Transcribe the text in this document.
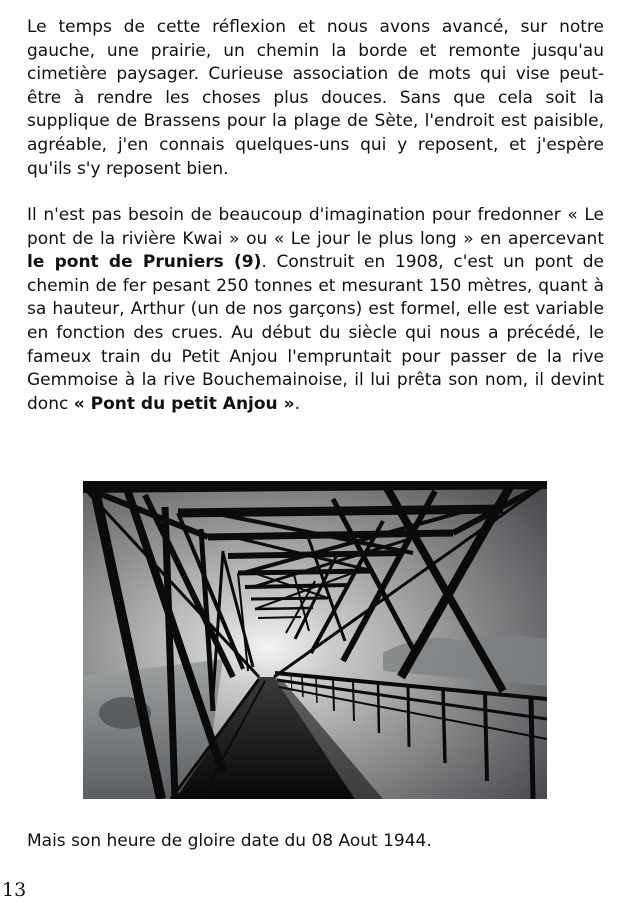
Le temps de cette réflexion et nous avons avancé, sur notre gauche, une prairie, un chemin la borde et remonte jusqu'au cimetière paysager. Curieuse association de mots qui vise peut-être à rendre les choses plus douces. Sans que cela soit la supplique de Brassens pour la plage de Sète, l'endroit est paisible, agréable, j'en connais quelques-uns qui y reposent, et j'espère qu'ils s'y reposent bien.

Il n'est pas besoin de beaucoup d'imagination pour fredonner « Le pont de la rivière Kwai » ou « Le jour le plus long » en apercevant le pont de Pruniers (9). Construit en 1908, c'est un pont de chemin de fer pesant 250 tonnes et mesurant 150 mètres, quant à sa hauteur, Arthur (un de nos garçons) est formel, elle est variable en fonction des crues. Au début du siècle qui nous a précédé, le fameux train du Petit Anjou l'empruntait pour passer de la rive Gemmoise à la rive Bouchemainoise, il lui prêta son nom, il devint donc « Pont du petit Anjou ».

Mais son heure de gloire date du 08 Aout 1944.

13
